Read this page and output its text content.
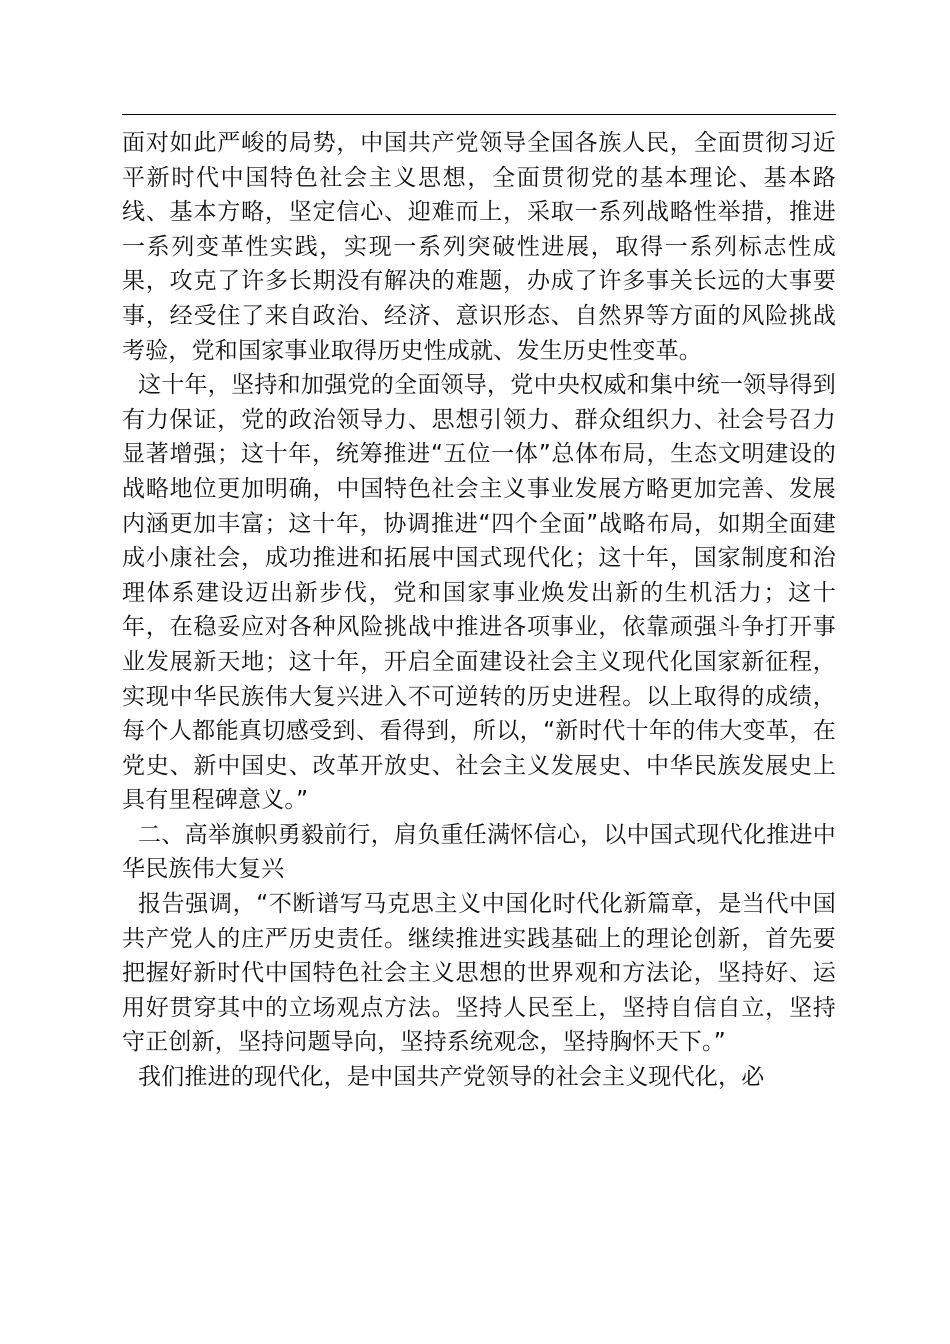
面对如此严峻的局势，中国共产党领导全国各族人民，全面贯彻习近平新时代中国特色社会主义思想，全面贯彻党的基本理论、基本路线、基本方略，坚定信心、迎难而上，采取一系列战略性举措，推进一系列变革性实践，实现一系列突破性进展，取得一系列标志性成果，攻克了许多长期没有解决的难题，办成了许多事关长远的大事要事，经受住了来自政治、经济、意识形态、自然界等方面的风险挑战考验，党和国家事业取得历史性成就、发生历史性变革。

这十年，坚持和加强党的全面领导，党中央权威和集中统一领导得到有力保证，党的政治领导力、思想引领力、群众组织力、社会号召力显著增强；这十年，统筹推进“五位一体”总体布局，生态文明建设的战略地位更加明确，中国特色社会主义事业发展方略更加完善、发展内涵更加丰富；这十年，协调推进“四个全面”战略布局，如期全面建成小康社会，成功推进和拓展中国式现代化；这十年，国家制度和治理体系建设迈出新步伐，党和国家事业焕发出新的生机活力；这十年，在稳妥应对各种风险挑战中推进各项事业，依靠顽强斗争打开事业发展新天地；这十年，开启全面建设社会主义现代化国家新征程，实现中华民族伟大复兴进入不可逆转的历史进程。以上取得的成绩，每个人都能真切感受到、看得到，所以，“新时代十年的伟大变革，在党史、新中国史、改革开放史、社会主义发展史、中华民族发展史上具有里程碑意义。”

二、高举旗帜勇毅前行，肩负重任满怀信心，以中国式现代化推进中华民族伟大复兴

报告强调，“不断谱写马克思主义中国化时代化新篇章，是当代中国共产党人的庄严历史责任。继续推进实践基础上的理论创新，首先要把握好新时代中国特色社会主义思想的世界观和方法论，坚持好、运用好贯穿其中的立场观点方法。坚持人民至上，坚持自信自立，坚持守正创新，坚持问题导向，坚持系统观念，坚持胸怀天下。”

我们推进的现代化，是中国共产党领导的社会主义现代化，必
